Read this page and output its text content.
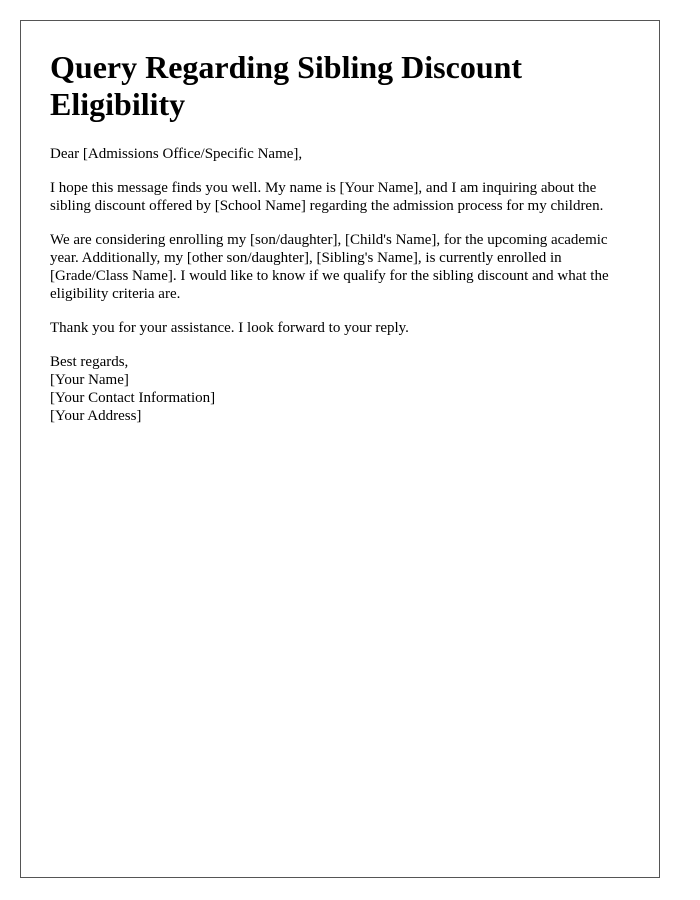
Query Regarding Sibling Discount Eligibility

Dear [Admissions Office/Specific Name],

I hope this message finds you well. My name is [Your Name], and I am inquiring about the sibling discount offered by [School Name] regarding the admission process for my children.

We are considering enrolling my [son/daughter], [Child's Name], for the upcoming academic year. Additionally, my [other son/daughter], [Sibling's Name], is currently enrolled in [Grade/Class Name]. I would like to know if we qualify for the sibling discount and what the eligibility criteria are.

Thank you for your assistance. I look forward to your reply.

Best regards,
[Your Name]
[Your Contact Information]
[Your Address]
